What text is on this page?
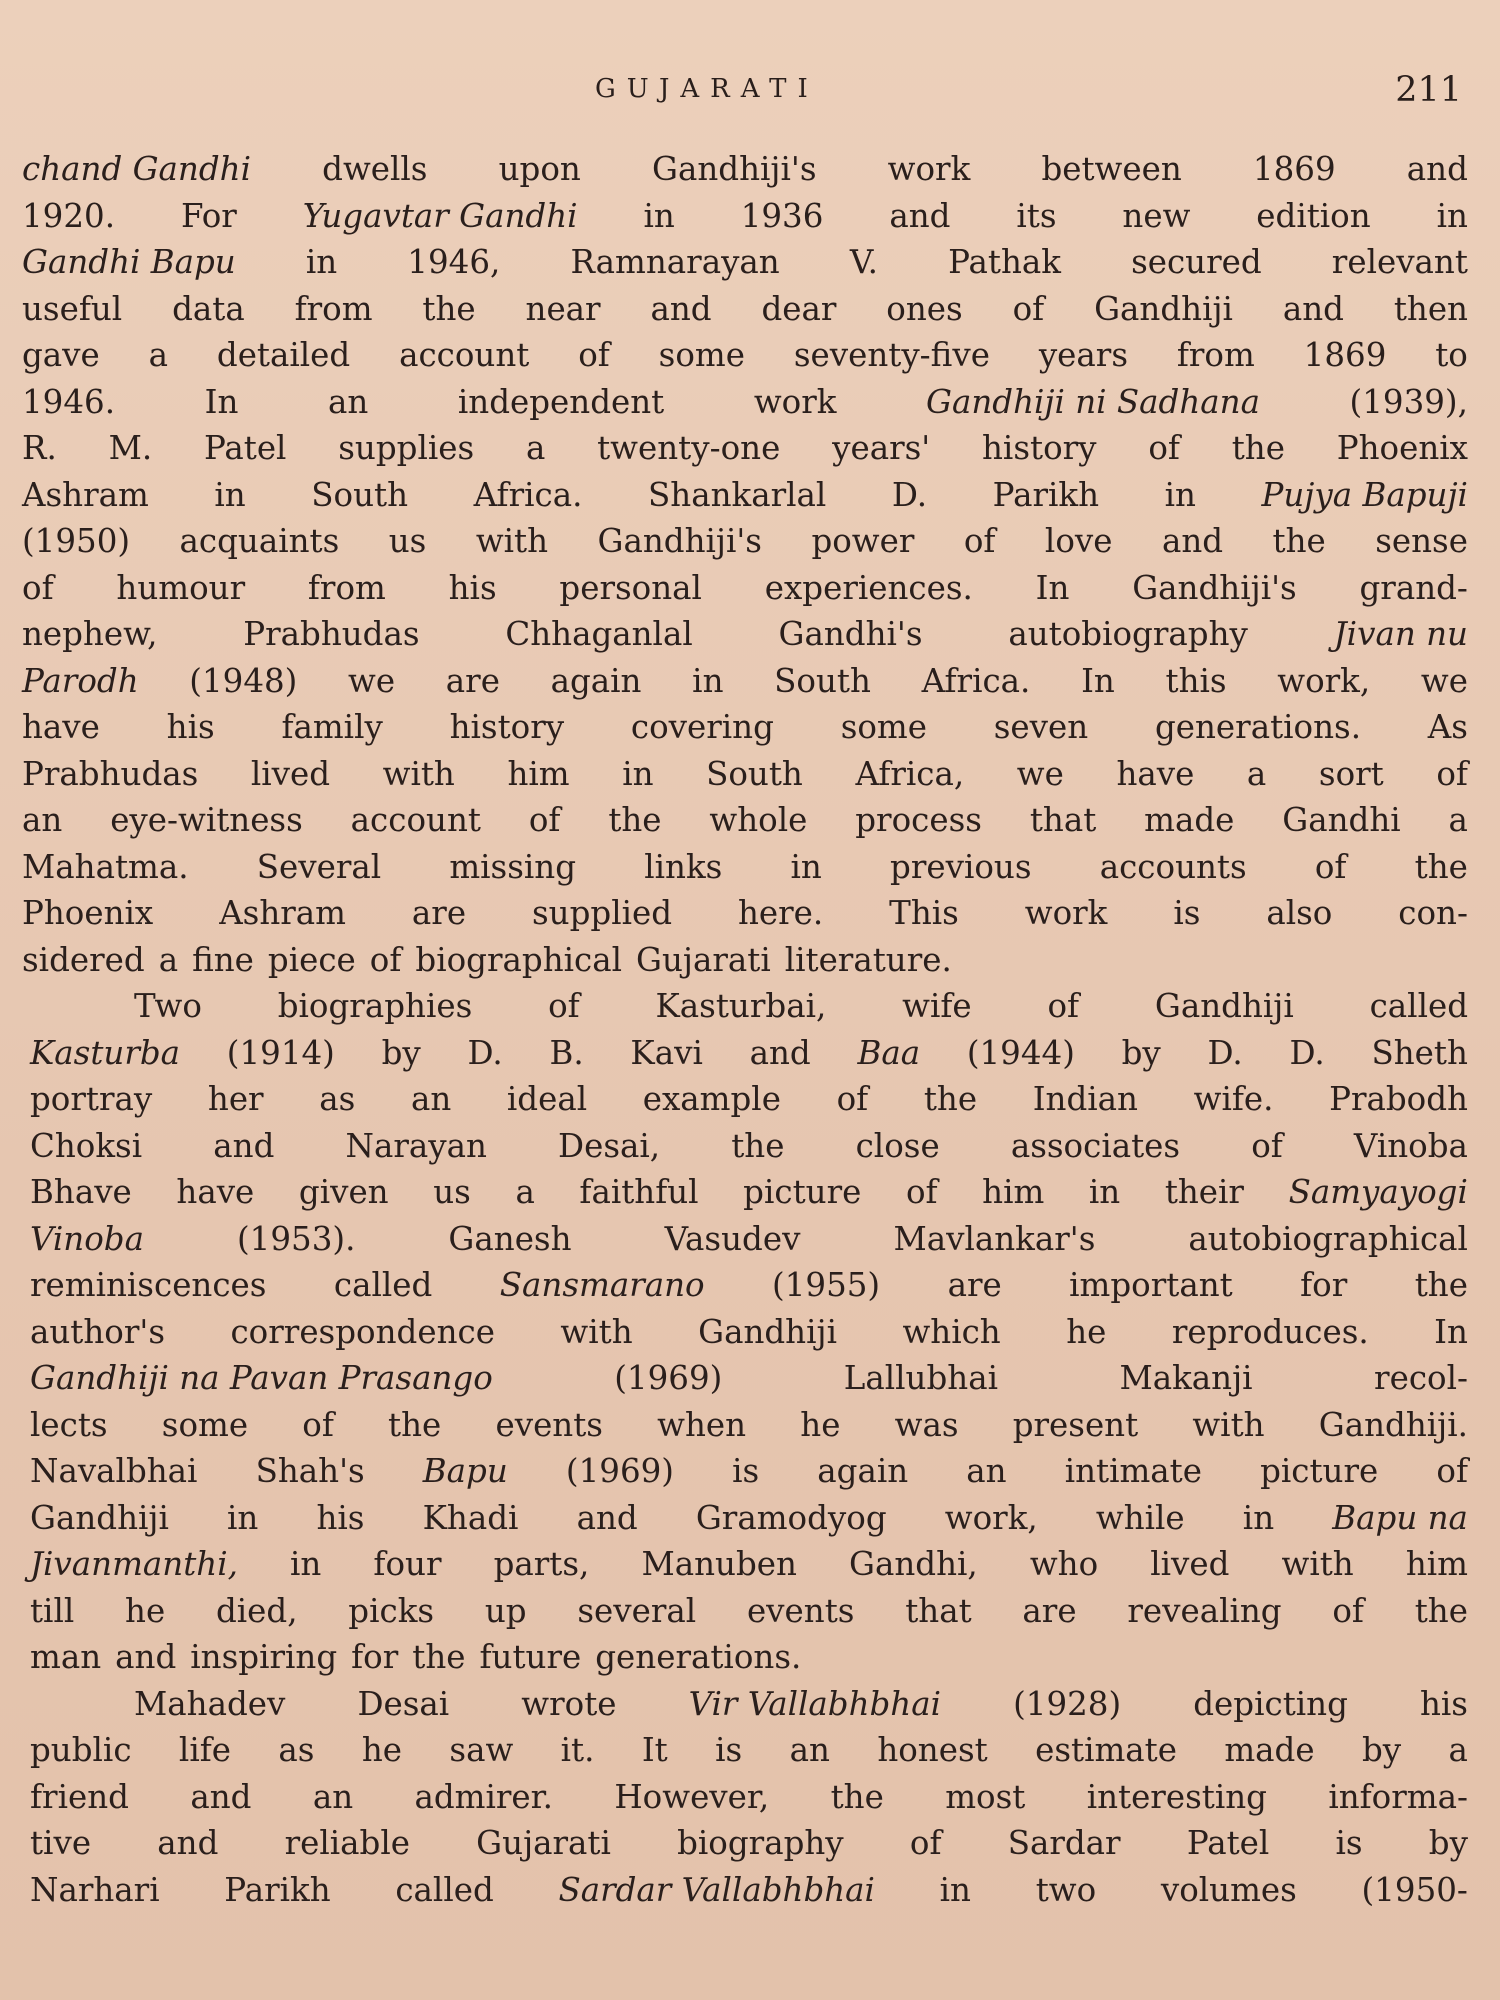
GUJARATI	211
chand Gandhi dwells upon Gandhiji's work between 1869 and
1920. For Yugavtar Gandhi in 1936 and its new edition in
Gandhi Bapu in 1946, Ramnarayan V. Pathak secured relevant
useful data from the near and dear ones of Gandhiji and then
gave a detailed account of some seventy-five years from 1869 to
1946.	In	an	independent	work	Gandhiji ni Sadhana	(1939),
R. M. Patel supplies a twenty-one years' history of the Phoenix
Ashram in South Africa. Shankarlal D. Parikh in Pujya Bapuji
(1950) acquaints us with Gandhiji's power of love and the sense
of humour from his personal experiences. In Gandhiji's grand-
nephew,	Prabhudas	Chhaganlal	Gandhi's	autobiography	Jivan nu
Parodh (1948) we are again in South Africa. In this work, we
have his family history covering some seven generations. As
Prabhudas lived with him in South Africa, we have a sort of
an eye-witness account of the whole process that made Gandhi a
Mahatma. Several missing links in previous accounts of the
Phoenix Ashram are supplied here. This work is also con-
sidered a fine piece of biographical Gujarati literature.
Two biographies of Kasturbai, wife of Gandhiji called
Kasturba (1914) by D. B. Kavi and Baa (1944) by D. D. Sheth
portray her as an ideal example of the Indian wife. Prabodh
Choksi and Narayan Desai, the close associates of Vinoba
Bhave have given us a faithful picture of him in their Samyayogi
Vinoba	(1953).	Ganesh	Vasudev	Mavlankar's	autobiographical
reminiscences called Sansmarano (1955) are important for the
author's correspondence with Gandhiji which he reproduces. In
Gandhiji na Pavan Prasango	(1969)	Lallubhai	Makanji	recol-
lects some of the events when he was present with Gandhiji.
Navalbhai Shah's Bapu (1969) is again an intimate picture of
Gandhiji in his Khadi and Gramodyog work, while in Bapu na
Jivanmanthi, in four parts, Manuben Gandhi, who lived with him
till he died, picks up several events that are revealing of the
man and inspiring for the future generations.
Mahadev Desai wrote Vir Vallabhbhai (1928) depicting his
public life as he saw it. It is an honest estimate made by a
friend and an admirer. However, the most interesting informa-
tive and reliable Gujarati biography of Sardar Patel is by
Narhari Parikh called Sardar Vallabhbhai in two volumes (1950-
